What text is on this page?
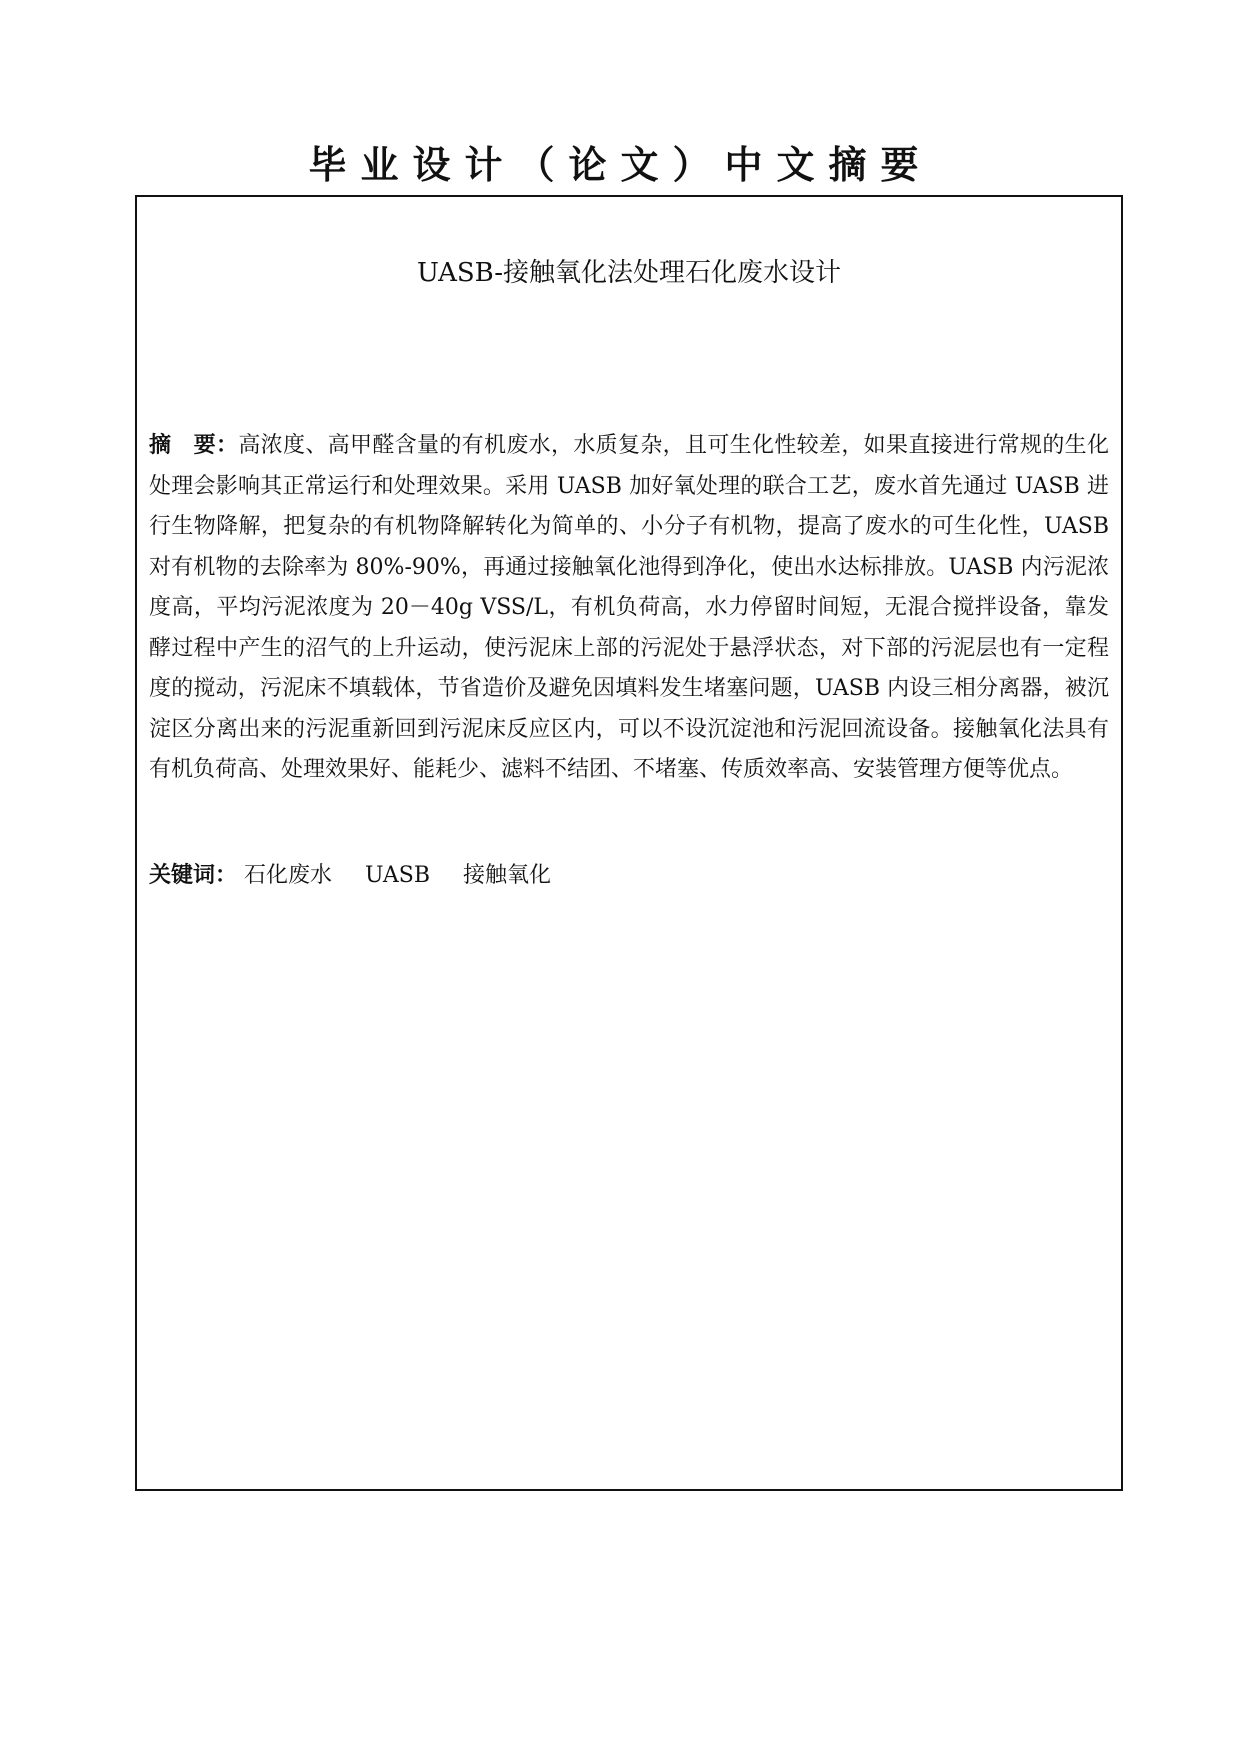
毕业设计（论文）中文摘要
UASB-接触氧化法处理石化废水设计
摘　要：高浓度、高甲醛含量的有机废水，水质复杂，且可生化性较差，如果直接进行常规的生化处理会影响其正常运行和处理效果。采用 UASB 加好氧处理的联合工艺，废水首先通过 UASB 进行生物降解，把复杂的有机物降解转化为简单的、小分子有机物，提高了废水的可生化性，UASB 对有机物的去除率为 80%-90%，再通过接触氧化池得到净化，使出水达标排放。UASB 内污泥浓度高，平均污泥浓度为 20－40g VSS/L，有机负荷高，水力停留时间短，无混合搅拌设备，靠发酵过程中产生的沼气的上升运动，使污泥床上部的污泥处于悬浮状态，对下部的污泥层也有一定程度的搅动，污泥床不填载体，节省造价及避免因填料发生堵塞问题，UASB 内设三相分离器，被沉淀区分离出来的污泥重新回到污泥床反应区内，可以不设沉淀池和污泥回流设备。接触氧化法具有有机负荷高、处理效果好、能耗少、滤料不结团、不堵塞、传质效率高、安装管理方便等优点。
关键词： 石化废水 UASB 接触氧化
